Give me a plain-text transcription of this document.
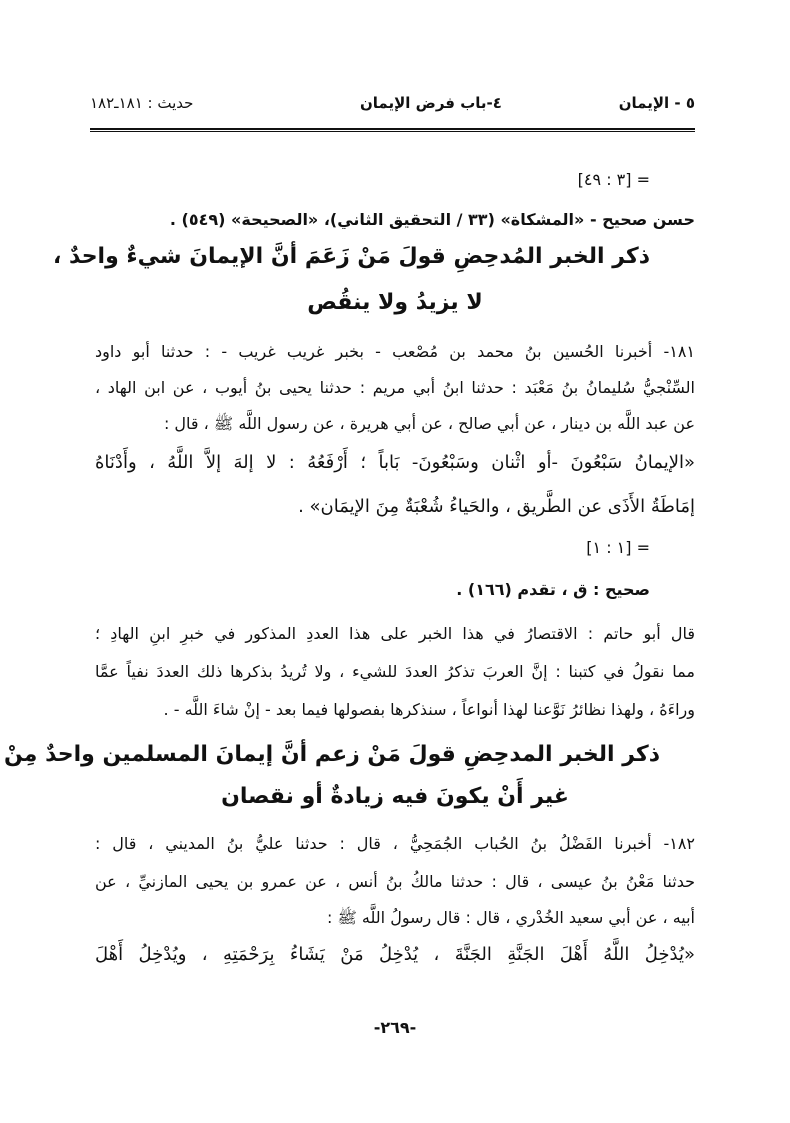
٥ - الإيمان
٤-باب فرض الإيمان
حديث : ١٨١ـ١٨٢
= [٣ : ٤٩]
حسن صحيح - «المشكاة» (٣٣ / التحقيق الثاني)، «الصحيحة» (٥٤٩) .
ذكر الخبر المُدحِضِ قولَ مَنْ زَعَمَ أنَّ الإيمانَ شيءٌ واحدٌ ،
لا يزيدُ ولا ينقُص
١٨١- أخبرنا الحُسين بنُ محمد بن مُصْعب - بخبر غريب غريب - : حدثنا أبو داود
السِّنْجيُّ سُليمانُ بنُ مَعْبَد : حدثنا ابنُ أبي مريم : حدثنا يحيى بنُ أيوب ، عن ابن الهاد ،
عن عبد اللَّه بن دينار ، عن أبي صالح ، عن أبي هريرة ، عن رسول اللَّه ﷺ ، قال :
«الإيمانُ سَبْعُونَ -أو اثْنان وسَبْعُونَ- بَاباً ؛ أَرْفَعُهُ : لا إلهَ إلاَّ اللَّهُ ، وأَدْنَاهُ
إمَاطَةُ الأَذَى عن الطَّريق ، والحَياءُ شُعْبَةٌ مِنَ الإيمَان» .
= [١ : ١]
صحيح : ق ، تقدم (١٦٦) .
قال أبو حاتم : الاقتصارُ في هذا الخبر على هذا العددِ المذكور في خبرِ ابنِ الهادِ ؛
مما نقولُ في كتبنا : إنَّ العربَ تذكرُ العددَ للشيء ، ولا تُريدُ بذكرها ذلك العددَ نفياً عمَّا
وراءَهُ ، ولهذا نظائرُ نَوَّعنا لهذا أنواعاً ، سنذكرها بفصولها فيما بعد - إنْ شاءَ اللَّه - .
ذكر الخبر المدحِضِ قولَ مَنْ زعم أنَّ إيمانَ المسلمين واحدٌ مِنْ
غير أَنْ يكونَ فيه زيادةٌ أو نقصان
١٨٢- أخبرنا الفَضْلُ بنُ الحُباب الجُمَحِيُّ ، قال : حدثنا عليُّ بنُ المديني ، قال :
حدثنا مَعْنُ بنُ عيسى ، قال : حدثنا مالكُ بنُ أنس ، عن عمرو بن يحيى المازنيِّ ، عن
أبيه ، عن أبي سعيد الخُدْري ، قال : قال رسولُ اللَّه ﷺ :
«يُدْخِلُ اللَّهُ أَهْلَ الجَنَّةِ الجَنَّةَ ، يُدْخِلُ مَنْ يَشَاءُ بِرَحْمَتِهِ ، ويُدْخِلُ أَهْلَ
-٢٦٩-
